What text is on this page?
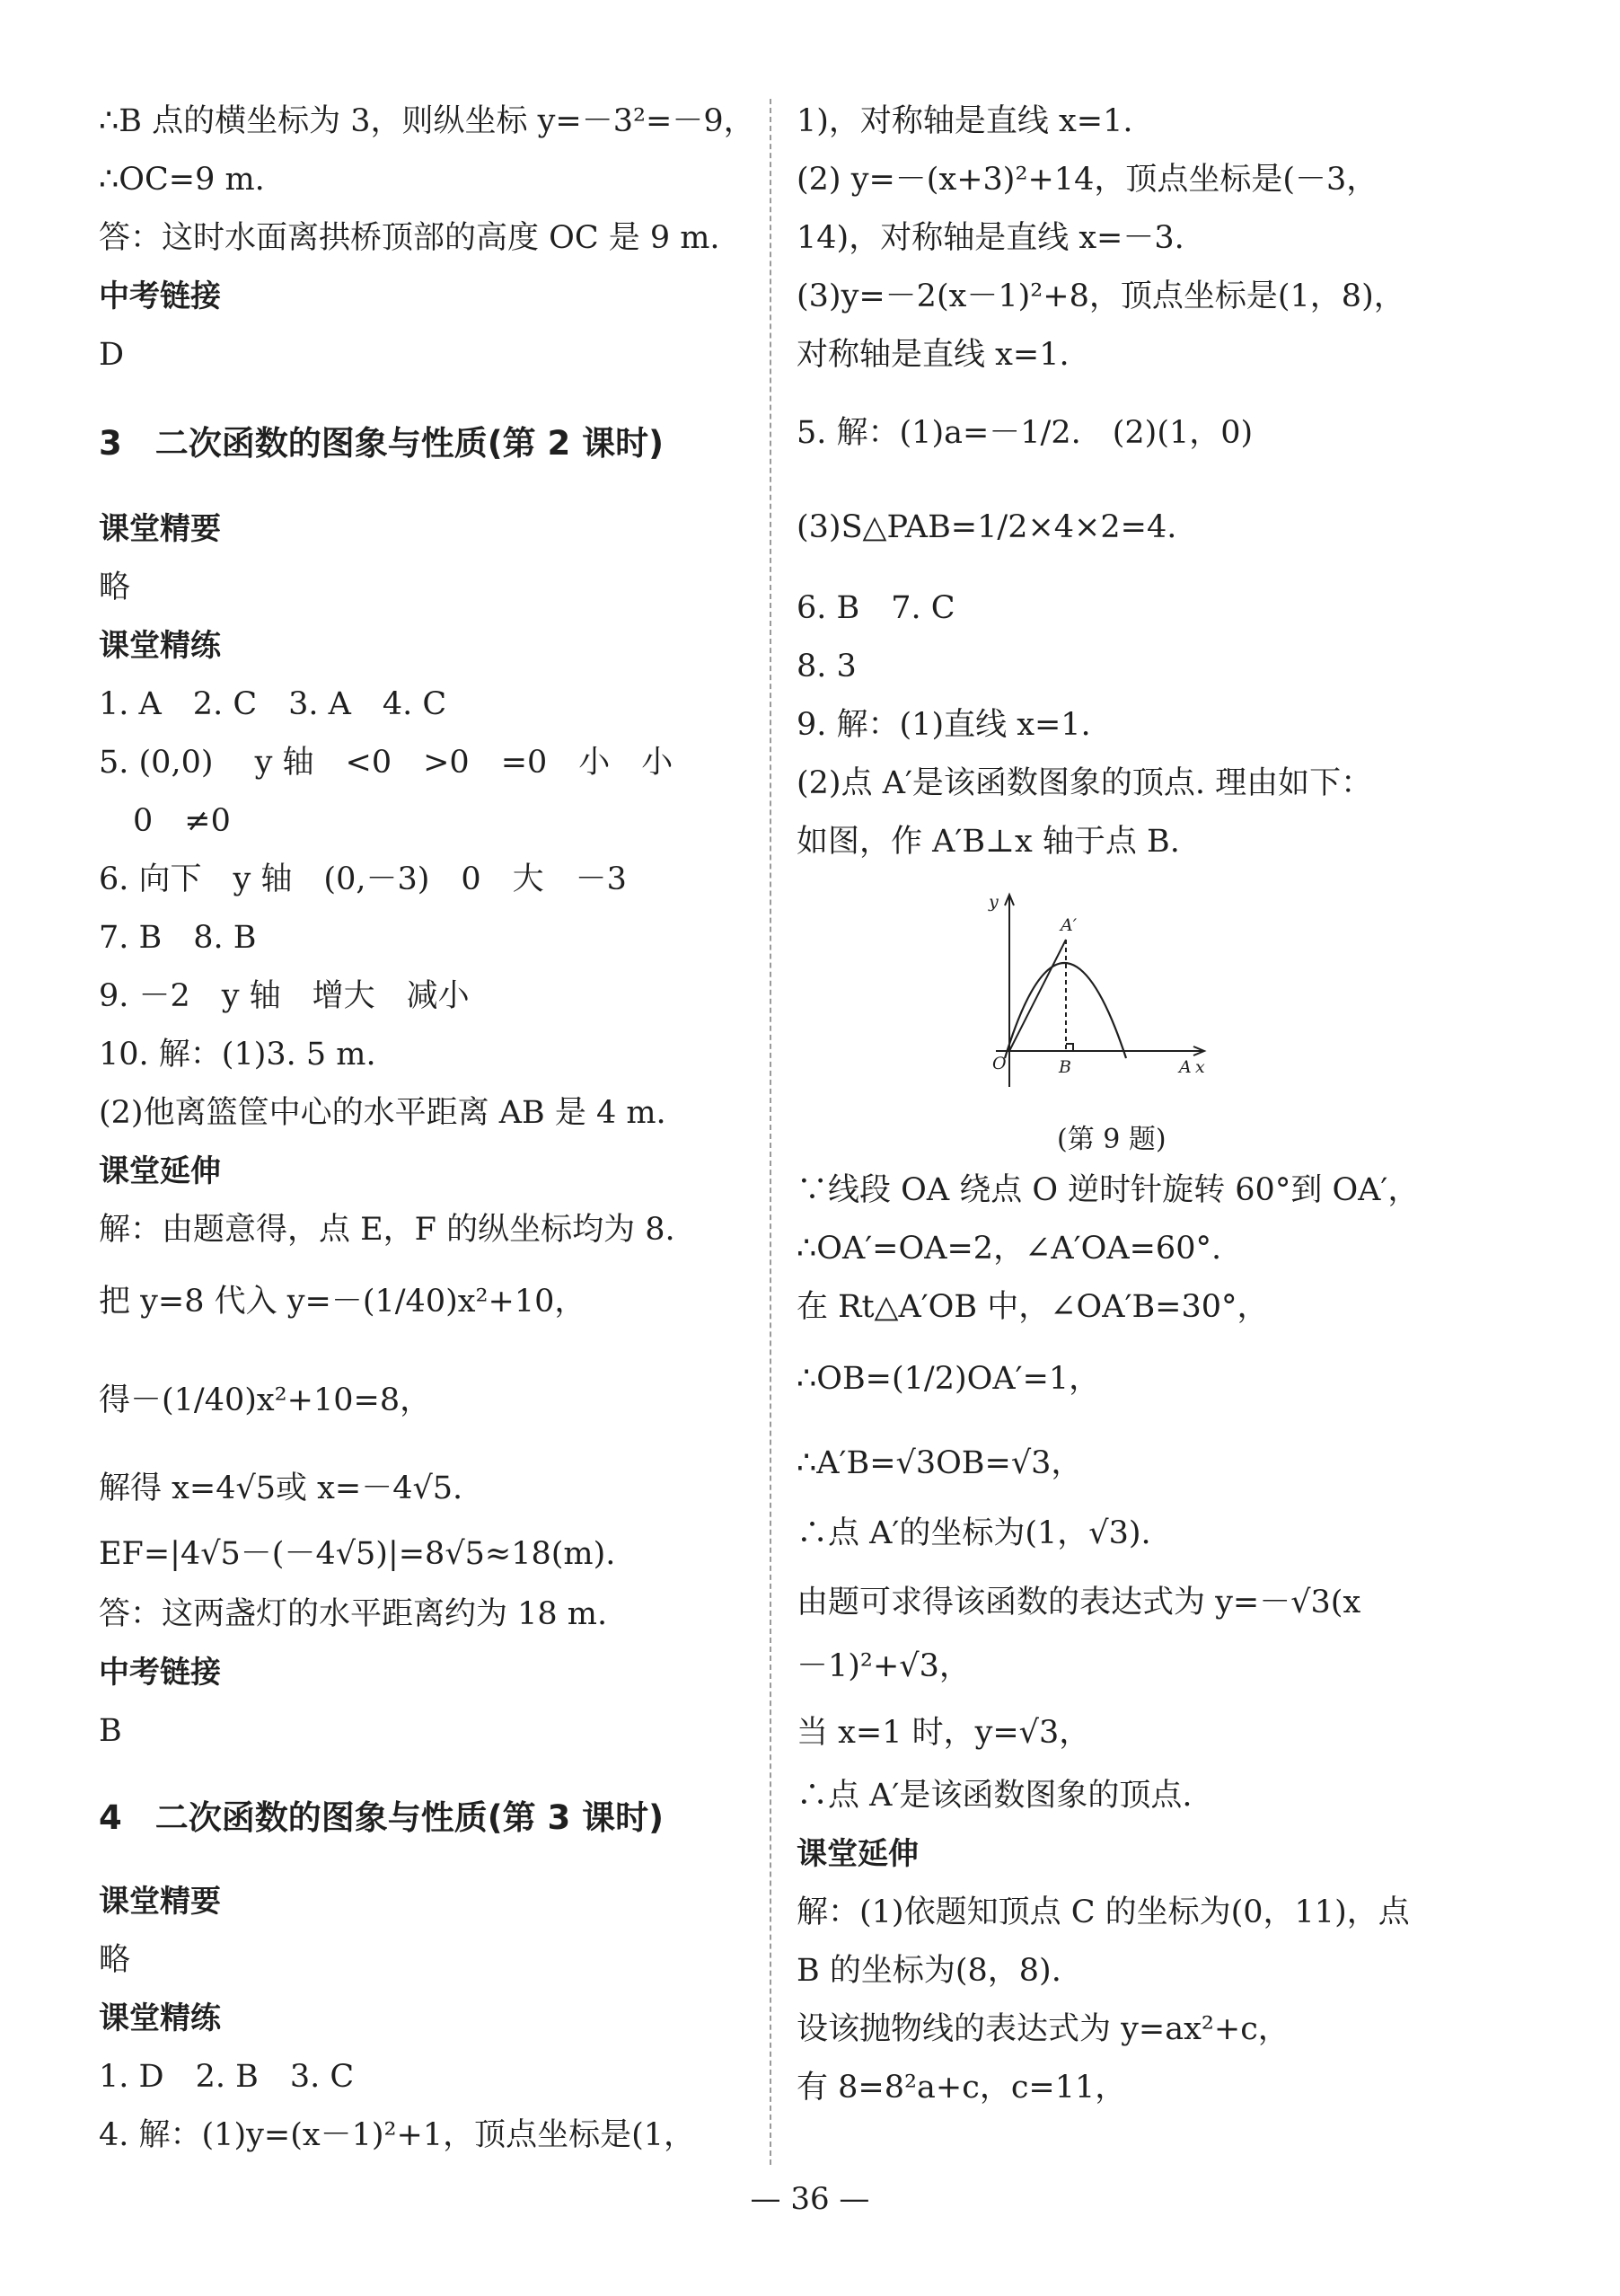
∴B 点的横坐标为 3，则纵坐标 y=－3²=－9，
∴OC=9 m.
答：这时水面离拱桥顶部的高度 OC 是 9 m.
中考链接
D
3　二次函数的图象与性质(第 2 课时)
课堂精要
略
课堂精练
1. A　2. C　3. A　4. C
5. (0,0)　 y 轴　<0　>0　=0　小　小
0　≠0
6. 向下　y 轴　(0,－3)　0　大　－3
7. B　8. B
9. －2　y 轴　增大　减小
10. 解：(1)3. 5 m.
(2)他离篮筐中心的水平距离 AB 是 4 m.
课堂延伸
解：由题意得，点 E，F 的纵坐标均为 8.
把 y=8 代入 y=－(1/40)x²+10，
得－(1/40)x²+10=8，
解得 x=4√5或 x=－4√5.
EF=|4√5－(－4√5)|=8√5≈18(m).
答：这两盏灯的水平距离约为 18 m.
中考链接
B
4　二次函数的图象与性质(第 3 课时)
课堂精要
略
课堂精练
1. D　2. B　3. C
4. 解：(1)y=(x－1)²+1，顶点坐标是(1，
1)，对称轴是直线 x=1.
(2) y=－(x+3)²+14，顶点坐标是(－3，
14)，对称轴是直线 x=－3.
(3)y=－2(x－1)²+8，顶点坐标是(1，8)，
对称轴是直线 x=1.
5. 解：(1)a=－1/2.　(2)(1，0)
(3)S△PAB=1/2×4×2=4.
6. B　7. C
8. 3
9. 解：(1)直线 x=1.
(2)点 A′是该函数图象的顶点. 理由如下：
如图，作 A′B⊥x 轴于点 B.
y
x
O	B	A
A′
(第 9 题)
∵线段 OA 绕点 O 逆时针旋转 60°到 OA′，
∴OA′=OA=2，∠A′OA=60°.
在 Rt△A′OB 中，∠OA′B=30°，
∴OB=(1/2)OA′=1，
∴A′B=√3OB=√3，
∴点 A′的坐标为(1，√3).
由题可求得该函数的表达式为 y=－√3(x
－1)²+√3，
当 x=1 时，y=√3，
∴点 A′是该函数图象的顶点.
课堂延伸
解：(1)依题知顶点 C 的坐标为(0，11)，点
B 的坐标为(8，8).
设该抛物线的表达式为 y=ax²+c，
有 8=8²a+c，c=11，
— 36 —
